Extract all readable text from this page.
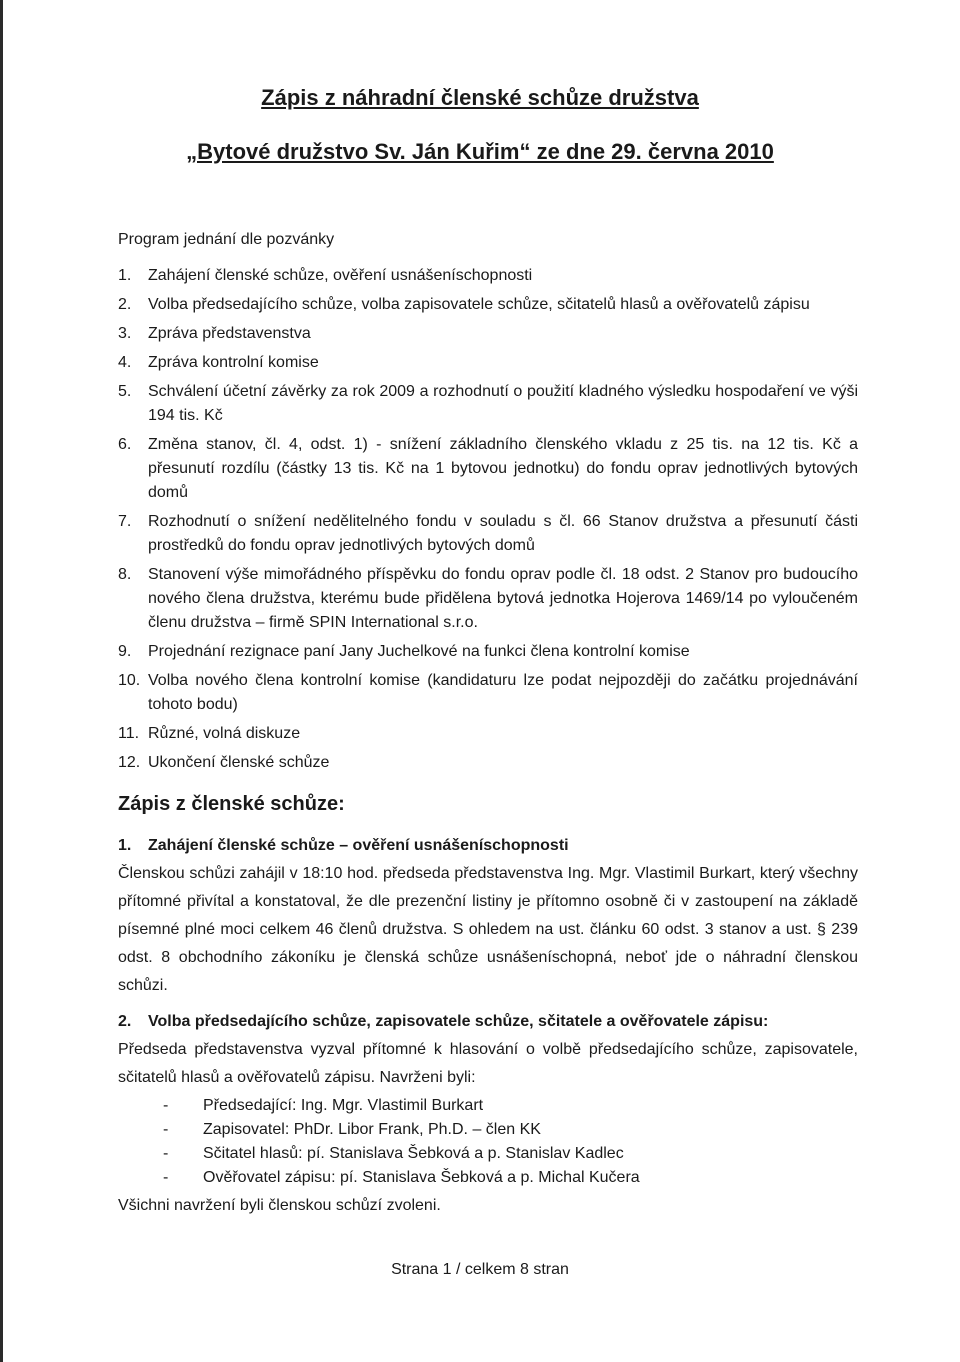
Zápis z náhradní členské schůze družstva
„Bytové družstvo Sv. Ján Kuřim“ ze dne 29. června 2010
Program jednání dle pozvánky
1.	Zahájení členské schůze, ověření usnášeníschopnosti
2.	Volba předsedajícího schůze, volba zapisovatele schůze, sčitatelů hlasů a ověřovatelů zápisu
3.	Zpráva představenstva
4.	Zpráva kontrolní komise
5.	Schválení účetní závěrky za rok 2009 a rozhodnutí o použití kladného výsledku hospodaření ve výši 194 tis. Kč
6.	Změna stanov, čl. 4, odst. 1) - snížení základního členského vkladu z 25 tis. na 12 tis. Kč a přesunutí rozdílu (částky 13 tis. Kč na 1 bytovou jednotku) do fondu oprav jednotlivých bytových domů
7.	Rozhodnutí o snížení nedělitelného fondu v souladu s čl. 66 Stanov družstva a přesunutí části prostředků do fondu oprav jednotlivých bytových domů
8.	Stanovení výše mimořádného příspěvku do fondu oprav podle čl. 18 odst. 2 Stanov pro budoucího nového člena družstva, kterému bude přidělena bytová jednotka Hojerova 1469/14 po vyloučeném členu družstva – firmě SPIN International s.r.o.
9.	Projednání rezignace paní Jany Juchelkové na funkci člena kontrolní komise
10. Volba nového člena kontrolní komise (kandidaturu lze podat nejpozději do začátku projednávání tohoto bodu)
11. Různé, volná diskuze
12. Ukončení členské schůze
Zápis z členské schůze:
1.	Zahájení členské schůze – ověření usnášeníschopnosti

Členskou schůzi zahájil v 18:10 hod. předseda představenstva Ing. Mgr. Vlastimil Burkart, který všechny přítomné přivítal a konstatoval, že dle prezenční listiny je přítomno osobně či v zastoupení na základě písemné plné moci celkem 46 členů družstva. S ohledem na ust. článku 60 odst. 3 stanov a ust. § 239 odst. 8 obchodního zákoníku je členská schůze usnášeníschopná, neboť jde o náhradní členskou schůzi.

2.	Volba předsedajícího schůze, zapisovatele schůze, sčitatele a ověřovatele zápisu:

Předseda představenstva vyzval přítomné k hlasování o volbě předsedajícího schůze, zapisovatele, sčitatelů hlasů a ověřovatelů zápisu. Navrženi byli:

-	Předsedající: Ing. Mgr. Vlastimil Burkart
-	Zapisovatel: PhDr. Libor Frank, Ph.D. – člen KK
-	Sčitatel hlasů: pí. Stanislava Šebková a p. Stanislav Kadlec
-	Ověřovatel zápisu: pí. Stanislava Šebková a p. Michal Kučera
Všichni navržení byli členskou schůzí zvoleni.
Strana 1 / celkem 8 stran
